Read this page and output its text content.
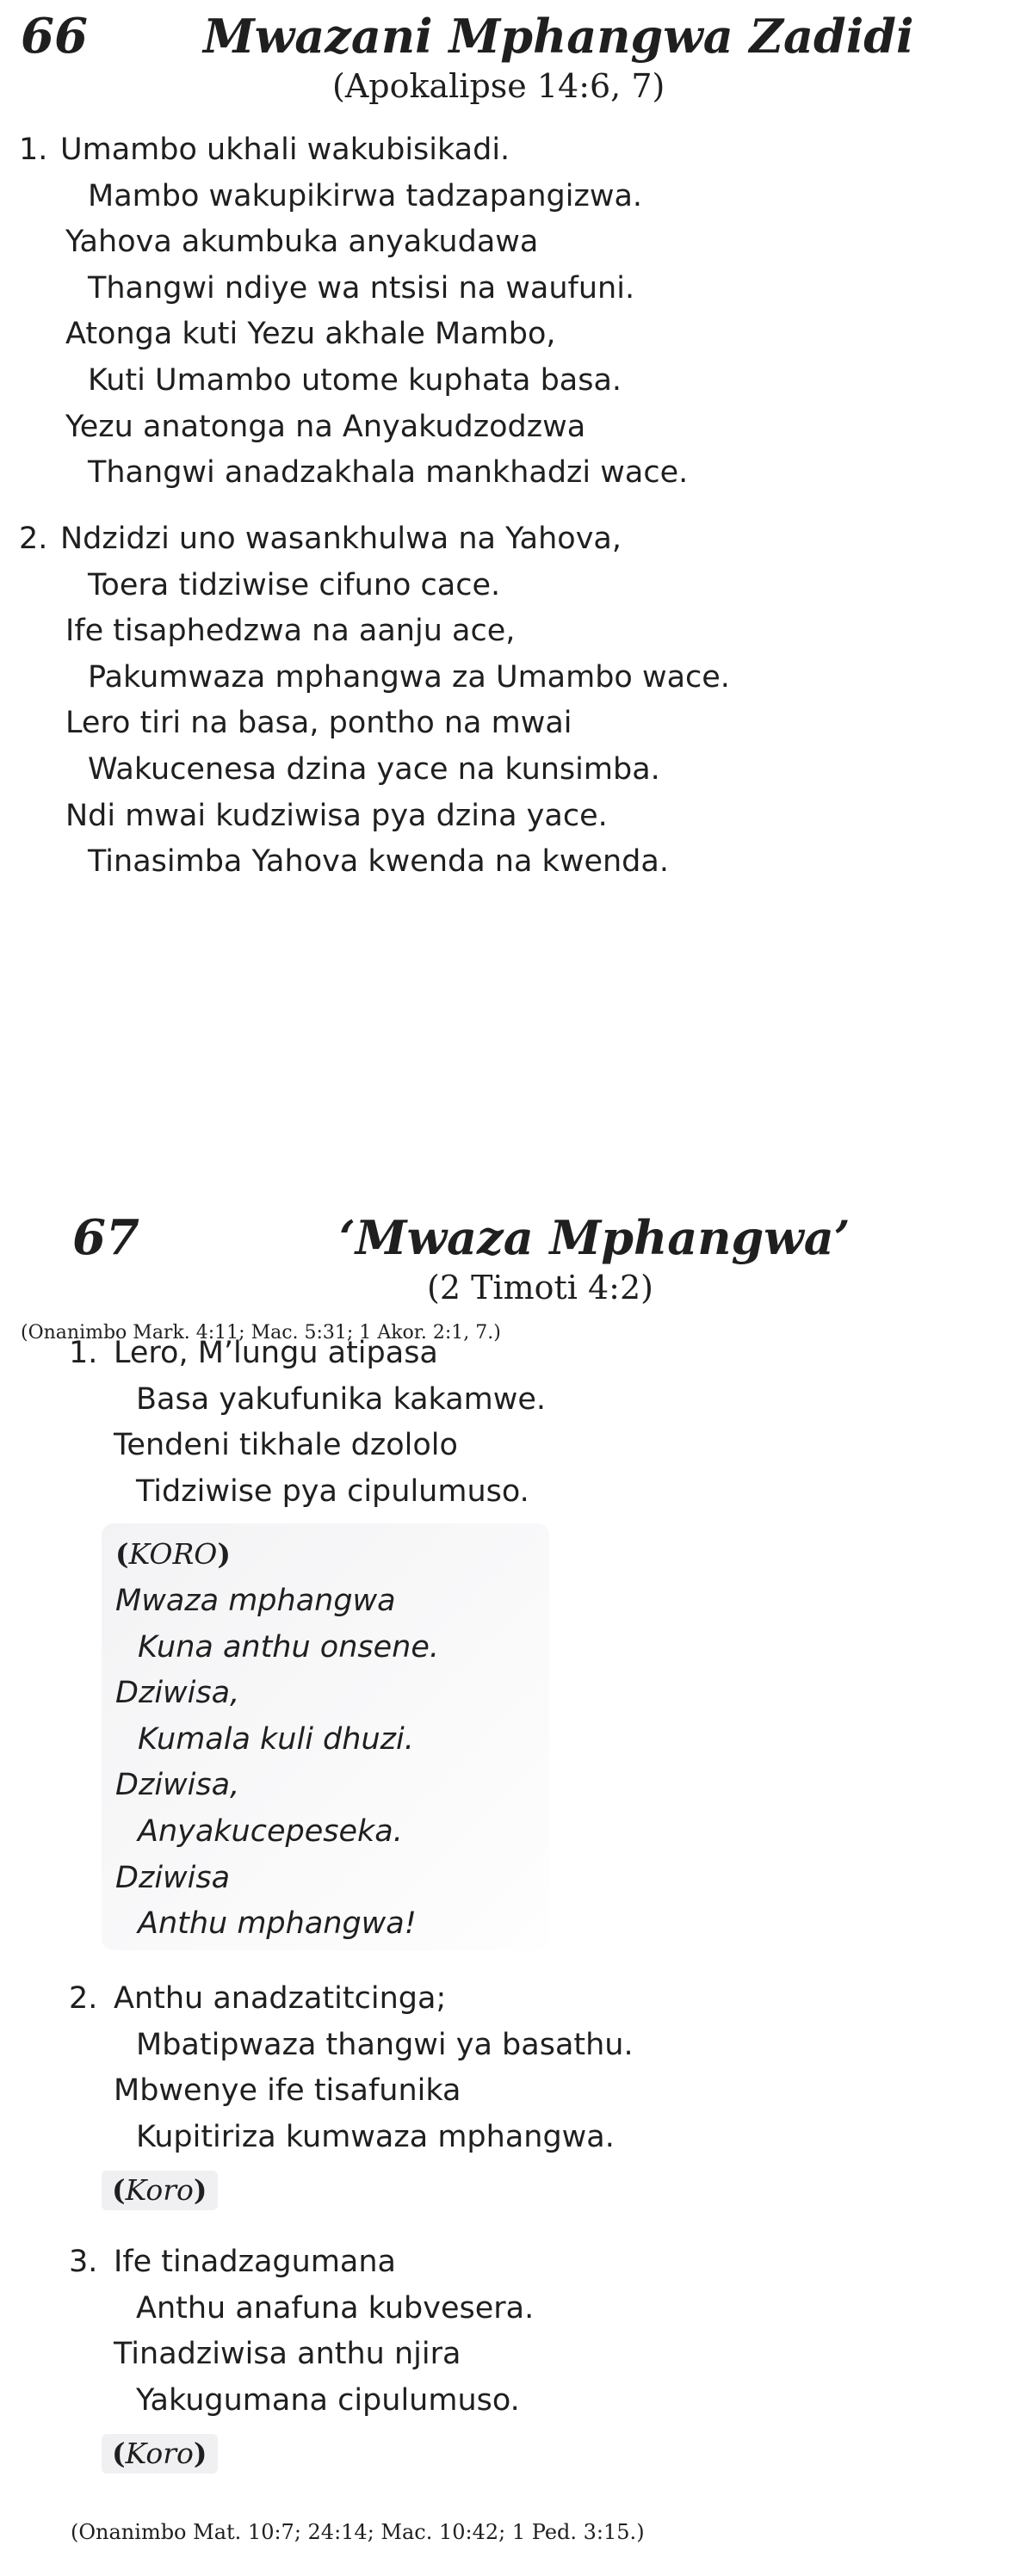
66 Mwazani Mphangwa Zadidi
(Apokalipse 14:6, 7)
1. Umambo ukhali wakubisikadi.
Mambo wakupikirwa tadzapangizwa.
Yahova akumbuka anyakudawa
Thangwi ndiye wa ntsisi na waufuni.
Atonga kuti Yezu akhale Mambo,
Kuti Umambo utome kuphata basa.
Yezu anatonga na Anyakudzodzwa
Thangwi anadzakhala mankhadzi wace.
2. Ndzidzi uno wasankhulwa na Yahova,
Toera tidziwise cifuno cace.
Ife tisaphedzwa na aanju ace,
Pakumwaza mphangwa za Umambo wace.
Lero tiri na basa, pontho na mwai
Wakucenesa dzina yace na kunsimba.
Ndi mwai kudziwisa pya dzina yace.
Tinasimba Yahova kwenda na kwenda.
67	‘Mwaza Mphangwa’
(2 Timoti 4:2)
(Onanimbo Mark. 4:11; Mac. 5:31; 1 Akor. 2:1, 7.)
1. Lero, M’lungu atipasa
Basa yakufunika kakamwe.
Tendeni tikhale dzololo
Tidziwise pya cipulumuso.
(KORO)
Mwaza mphangwa
Kuna anthu onsene.
Dziwisa,
Kumala kuli dhuzi.
Dziwisa,
Anyakucepeseka.
Dziwisa
Anthu mphangwa!
2. Anthu anadzatitcinga;
Mbatipwaza thangwi ya basathu.
Mbwenye ife tisafunika
Kupitiriza kumwaza mphangwa.
(Koro)
3. Ife tinadzagumana
Anthu anafuna kubvesera.
Tinadziwisa anthu njira
Yakugumana cipulumuso.
(Koro)
(Onanimbo Mat. 10:7; 24:14; Mac. 10:42; 1 Ped. 3:15.)
